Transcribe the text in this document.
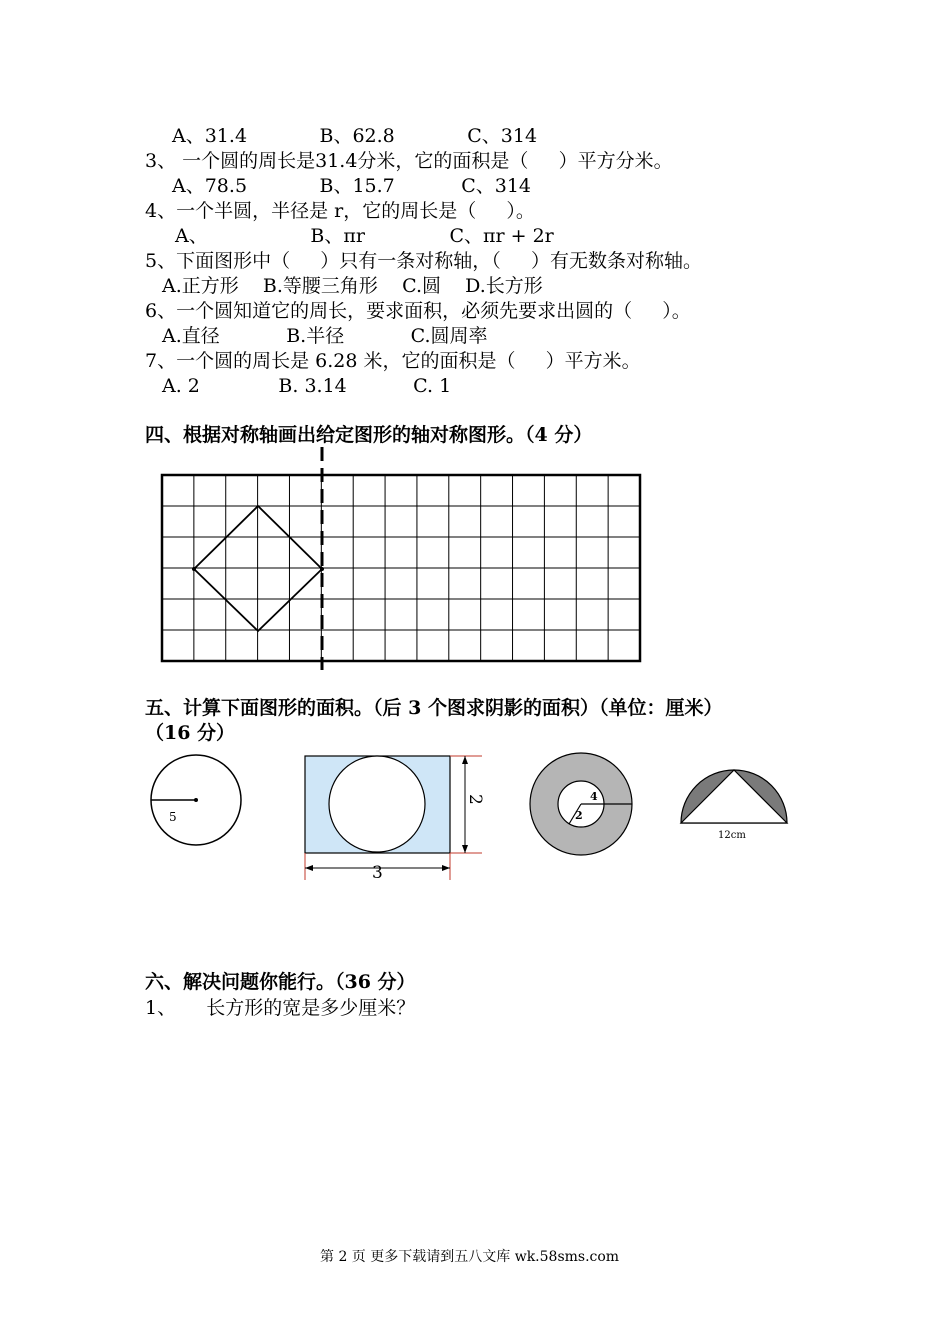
A、31.4            B、62.8            C、314
3、 一个圆的周长是31.4分米，它的面积是（     ）平方分米。
A、78.5            B、15.7           C、314
4、一个半圆，半径是 r，它的周长是（     ）。
A、                 B、πr              C、πr + 2r
5、下面图形中（     ）只有一条对称轴，（     ）有无数条对称轴。
A.正方形    B.等腰三角形    C.圆    D.长方形
6、一个圆知道它的周长，要求面积，必须先要求出圆的（     ）。
A.直径           B.半径           C.圆周率
7、一个圆的周长是 6.28 米，它的面积是（     ）平方米。
A. 2             B. 3.14           C. 1
四、根据对称轴画出给定图形的轴对称图形。（4 分）
五、计算下面图形的面积。（后 3 个图求阴影的面积）（单位：厘米）
（16 分）
5
3
2	4
2
12cm
六、解决问题你能行。（36 分）
1、     长方形的宽是多少厘米？
第 2 页 更多下载请到五八文库 wk.58sms.com
